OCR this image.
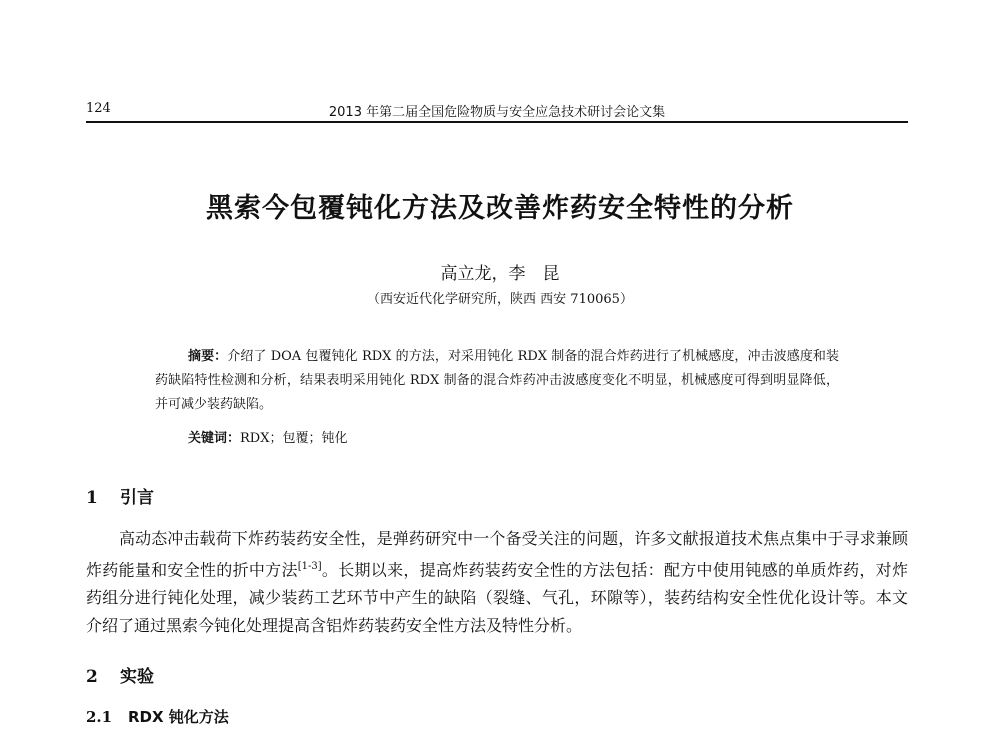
124	2013 年第二届全国危险物质与安全应急技术研讨会论文集
黑索今包覆钝化方法及改善炸药安全特性的分析
高立龙，李　昆
（西安近代化学研究所，陕西 西安 710065）

摘要：介绍了 DOA 包覆钝化 RDX 的方法，对采用钝化 RDX 制备的混合炸药进行了机械感度，冲击波感度和装药缺陷特性检测和分析，结果表明采用钝化 RDX 制备的混合炸药冲击波感度变化不明显，机械感度可得到明显降低，并可减少装药缺陷。

关键词：RDX；包覆；钝化
1 引言

高动态冲击载荷下炸药装药安全性，是弹药研究中一个备受关注的问题，许多文献报道技术焦点集中于寻求兼顾炸药能量和安全性的折中方法[1-3]。长期以来，提高炸药装药安全性的方法包括：配方中使用钝感的单质炸药，对炸药组分进行钝化处理，减少装药工艺环节中产生的缺陷（裂缝、气孔，环隙等），装药结构安全性优化设计等。本文介绍了通过黑索今钝化处理提高含铝炸药装药安全性方法及特性分析。

2 实验
2.1 RDX 钝化方法
